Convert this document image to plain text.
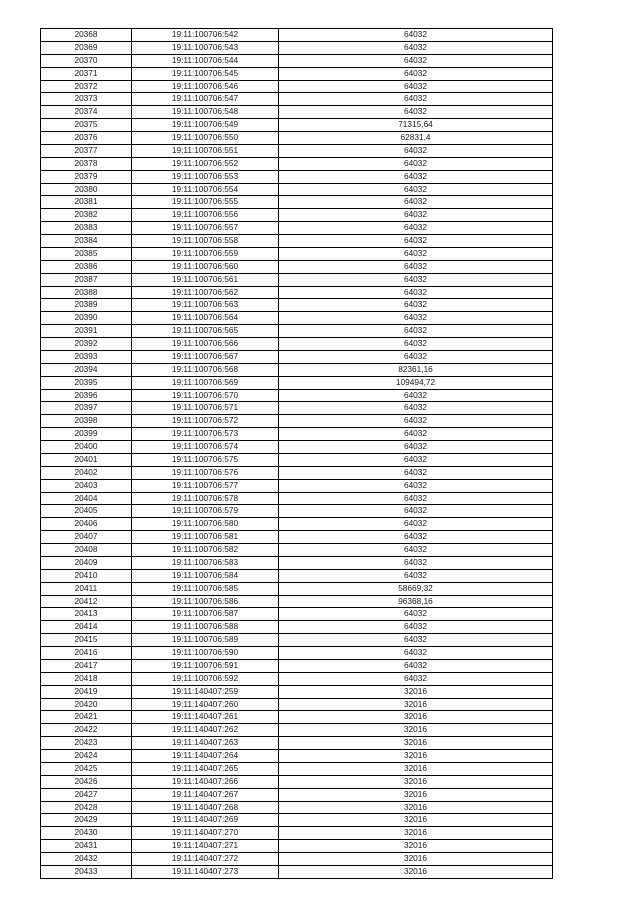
20368	19:11:100706:542	64032
20369	19:11:100706:543	64032
20370	19:11:100706:544	64032
20371	19:11:100706:545	64032
20372	19:11:100706:546	64032
20373	19:11:100706:547	64032
20374	19:11:100706:548	64032
20375	19:11:100706:549	71315,64
20376	19:11:100706:550	62831,4
20377	19:11:100706:551	64032
20378	19:11:100706:552	64032
20379	19:11:100706:553	64032
20380	19:11:100706:554	64032
20381	19:11:100706:555	64032
20382	19:11:100706:556	64032
20383	19:11:100706:557	64032
20384	19:11:100706:558	64032
20385	19:11:100706:559	64032
20386	19:11:100706:560	64032
20387	19:11:100706:561	64032
20388	19:11:100706:562	64032
20389	19:11:100706:563	64032
20390	19:11:100706:564	64032
20391	19:11:100706:565	64032
20392	19:11:100706:566	64032
20393	19:11:100706:567	64032
20394	19:11:100706:568	82361,16
20395	19:11:100706:569	109494,72
20396	19:11:100706:570	64032
20397	19:11:100706:571	64032
20398	19:11:100706:572	64032
20399	19:11:100706:573	64032
20400	19:11:100706:574	64032
20401	19:11:100706:575	64032
20402	19:11:100706:576	64032
20403	19:11:100706:577	64032
20404	19:11:100706:578	64032
20405	19:11:100706:579	64032
20406	19:11:100706:580	64032
20407	19:11:100706:581	64032
20408	19:11:100706:582	64032
20409	19:11:100706:583	64032
20410	19:11:100706:584	64032
20411	19:11:100706:585	58669,32
20412	19:11:100706:586	96368,16
20413	19:11:100706:587	64032
20414	19:11:100706:588	64032
20415	19:11:100706:589	64032
20416	19:11:100706:590	64032
20417	19:11:100706:591	64032
20418	19:11:100706:592	64032
20419	19:11:140407:259	32016
20420	19:11:140407:260	32016
20421	19:11:140407:261	32016
20422	19:11:140407:262	32016
20423	19:11:140407:263	32016
20424	19:11:140407:264	32016
20425	19:11:140407:265	32016
20426	19:11:140407:266	32016
20427	19:11:140407:267	32016
20428	19:11:140407:268	32016
20429	19:11:140407:269	32016
20430	19:11:140407:270	32016
20431	19:11:140407:271	32016
20432	19:11:140407:272	32016
20433	19:11:140407:273	32016
